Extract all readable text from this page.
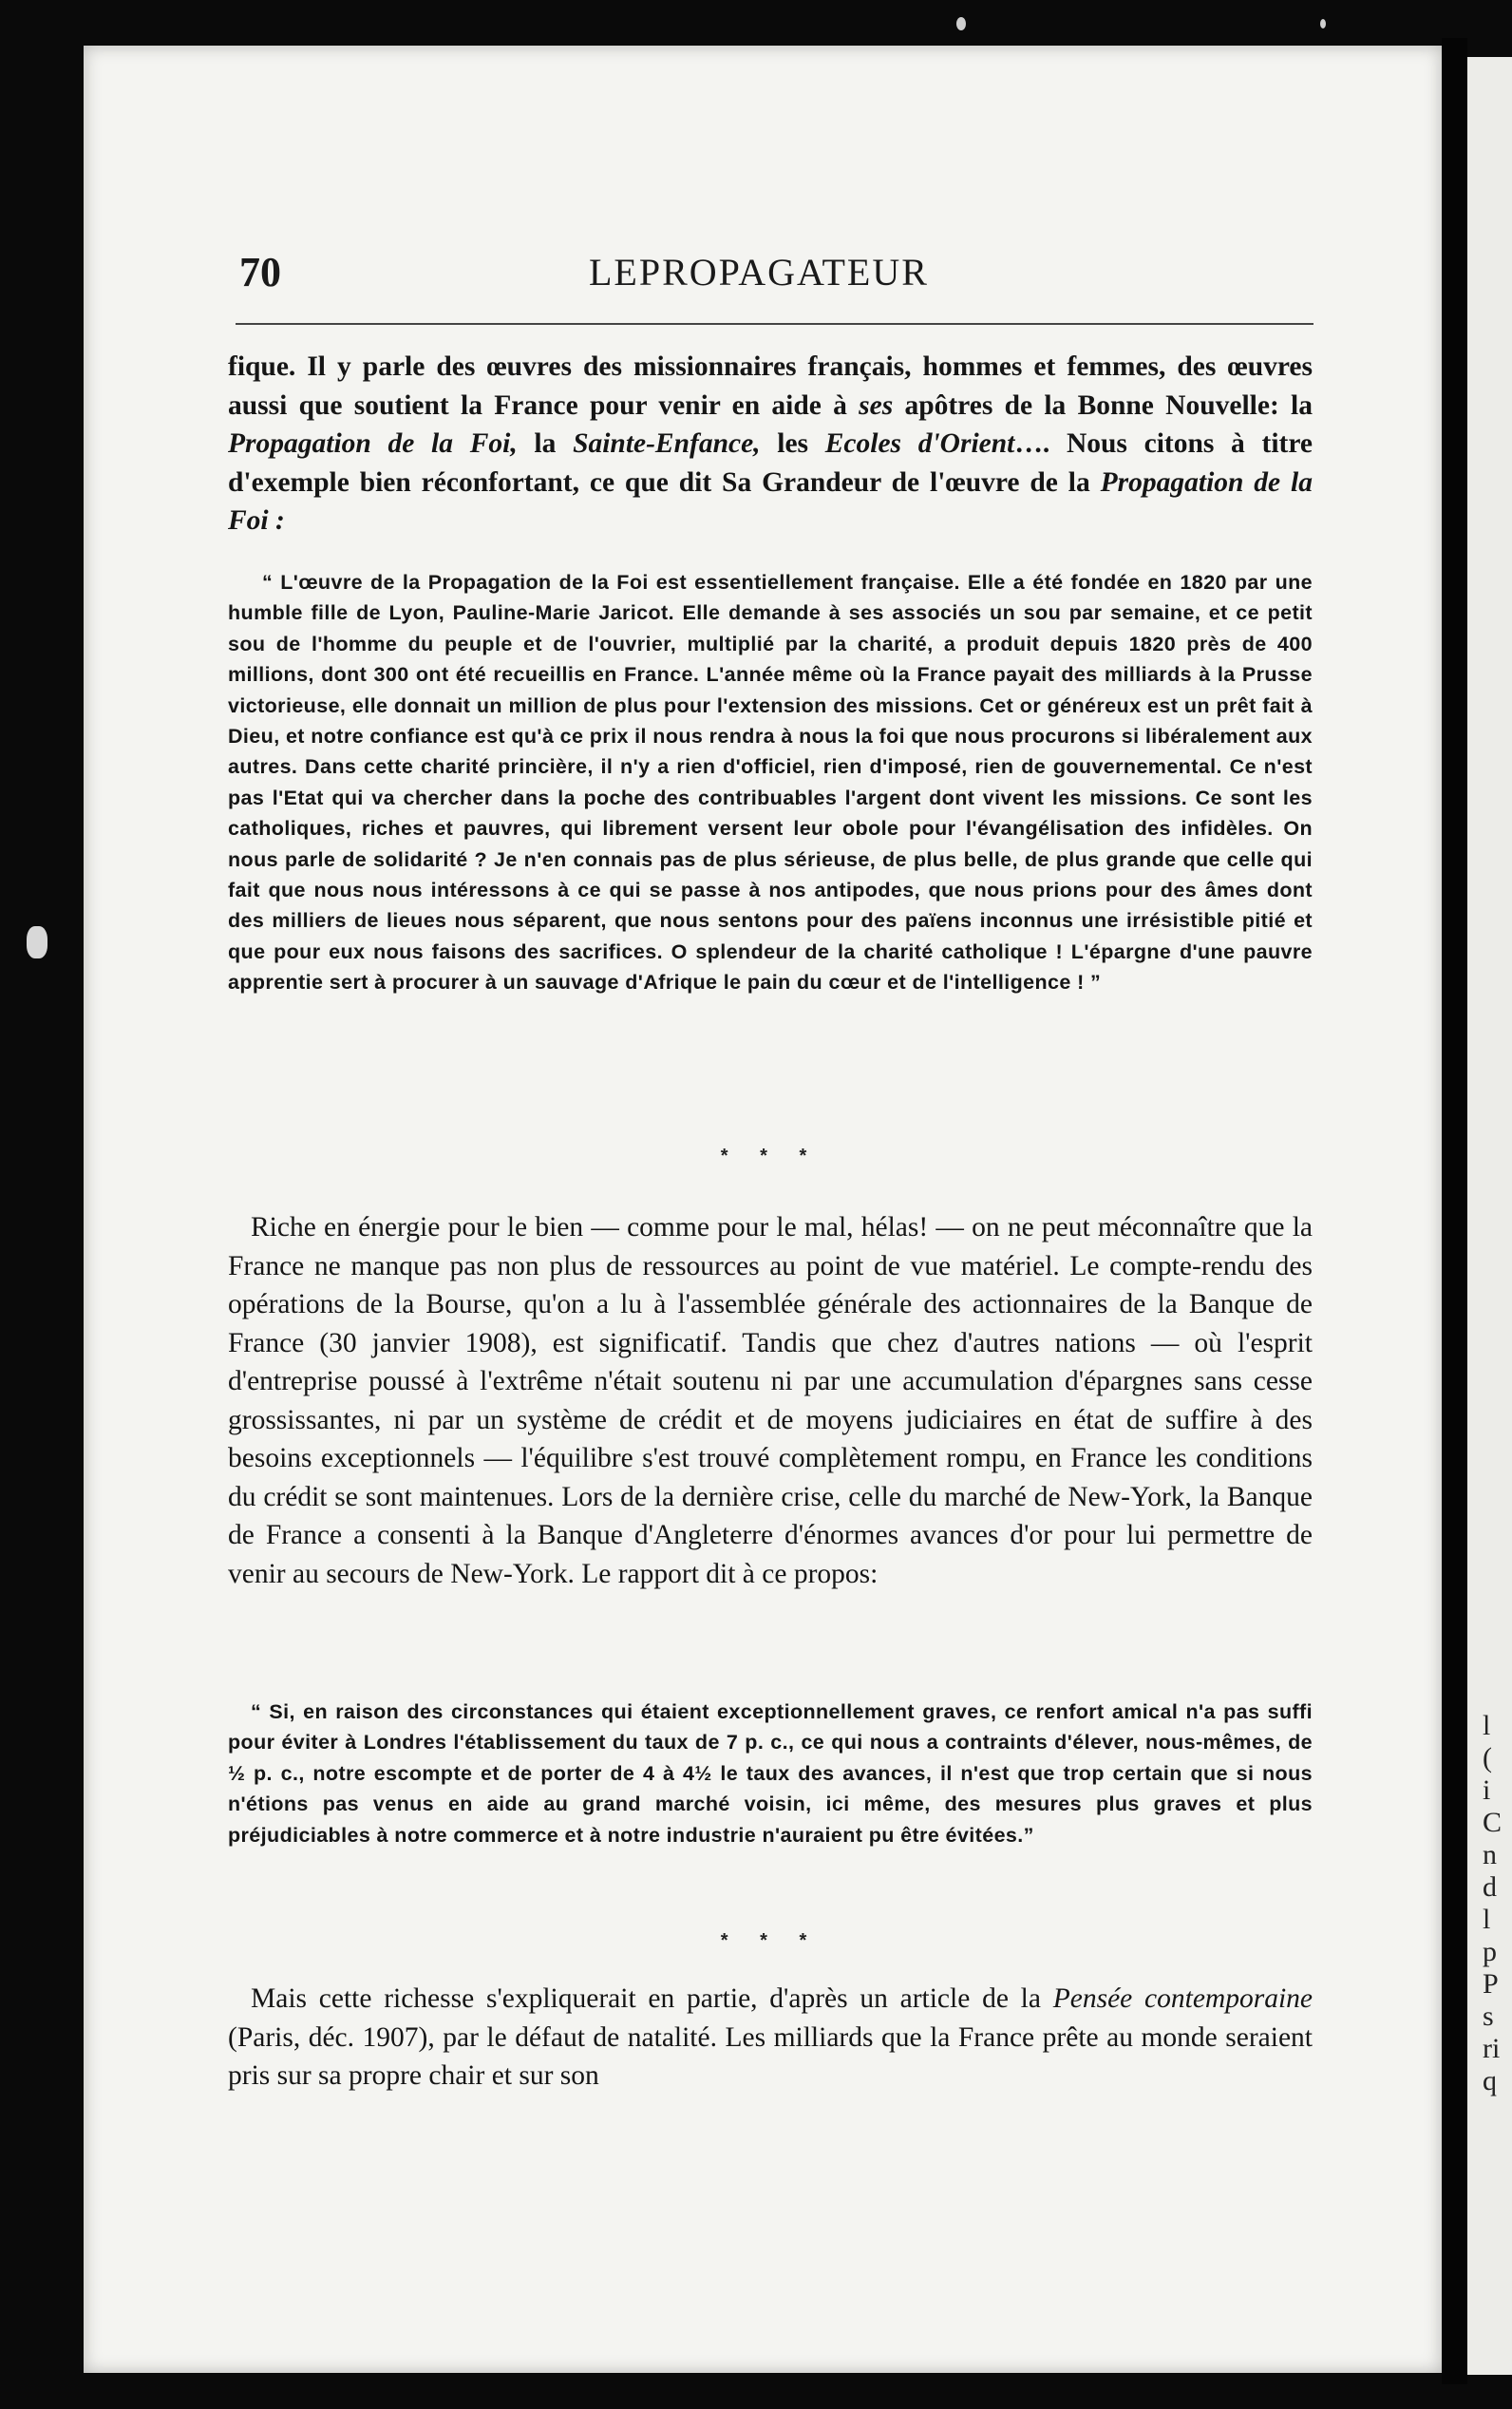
l
(
i
C
n
d
l
p
P
s
ri
q
70	LEPROPAGATEUR
fique. Il y parle des œuvres des missionnaires français, hommes et femmes, des œuvres aussi que soutient la France pour venir en aide à ses apôtres de la Bonne Nouvelle: la Propagation de la Foi, la Sainte-Enfance, les Ecoles d'Orient…. Nous citons à titre d'exemple bien réconfortant, ce que dit Sa Grandeur de l'œuvre de la Propagation de la Foi :
“ L'œuvre de la Propagation de la Foi est essentiellement française. Elle a été fondée en 1820 par une humble fille de Lyon, Pauline-Marie Jaricot. Elle demande à ses associés un sou par semaine, et ce petit sou de l'homme du peuple et de l'ouvrier, multiplié par la charité, a produit depuis 1820 près de 400 millions, dont 300 ont été recueillis en France. L'année même où la France payait des milliards à la Prusse victorieuse, elle donnait un million de plus pour l'extension des missions. Cet or généreux est un prêt fait à Dieu, et notre confiance est qu'à ce prix il nous rendra à nous la foi que nous procurons si libéralement aux autres. Dans cette charité princière, il n'y a rien d'officiel, rien d'imposé, rien de gouvernemental. Ce n'est pas l'Etat qui va chercher dans la poche des contribuables l'argent dont vivent les missions. Ce sont les catholiques, riches et pauvres, qui librement versent leur obole pour l'évangélisation des infidèles. On nous parle de solidarité ? Je n'en connais pas de plus sérieuse, de plus belle, de plus grande que celle qui fait que nous nous intéressons à ce qui se passe à nos antipodes, que nous prions pour des âmes dont des milliers de lieues nous séparent, que nous sentons pour des païens inconnus une irrésistible pitié et que pour eux nous faisons des sacrifices. O splendeur de la charité catholique ! L'épargne d'une pauvre apprentie sert à procurer à un sauvage d'Afrique le pain du cœur et de l'intelligence ! ”
* * *
Riche en énergie pour le bien — comme pour le mal, hélas! — on ne peut méconnaître que la France ne manque pas non plus de ressources au point de vue matériel. Le compte-rendu des opérations de la Bourse, qu'on a lu à l'assemblée générale des actionnaires de la Banque de France (30 janvier 1908), est significatif. Tandis que chez d'autres nations — où l'esprit d'entreprise poussé à l'extrême n'était soutenu ni par une accumulation d'épargnes sans cesse grossissantes, ni par un système de crédit et de moyens judiciaires en état de suffire à des besoins exceptionnels — l'équilibre s'est trouvé complètement rompu, en France les conditions du crédit se sont maintenues. Lors de la dernière crise, celle du marché de New-York, la Banque de France a consenti à la Banque d'Angleterre d'énormes avances d'or pour lui permettre de venir au secours de New-York. Le rapport dit à ce propos:
“ Si, en raison des circonstances qui étaient exceptionnellement graves, ce renfort amical n'a pas suffi pour éviter à Londres l'établissement du taux de 7 p. c., ce qui nous a contraints d'élever, nous-mêmes, de ½ p. c., notre escompte et de porter de 4 à 4½ le taux des avances, il n'est que trop certain que si nous n'étions pas venus en aide au grand marché voisin, ici même, des mesures plus graves et plus préjudiciables à notre commerce et à notre industrie n'auraient pu être évitées.”
* * *
Mais cette richesse s'expliquerait en partie, d'après un article de la Pensée contemporaine (Paris, déc. 1907), par le défaut de natalité. Les milliards que la France prête au monde seraient pris sur sa propre chair et sur son
